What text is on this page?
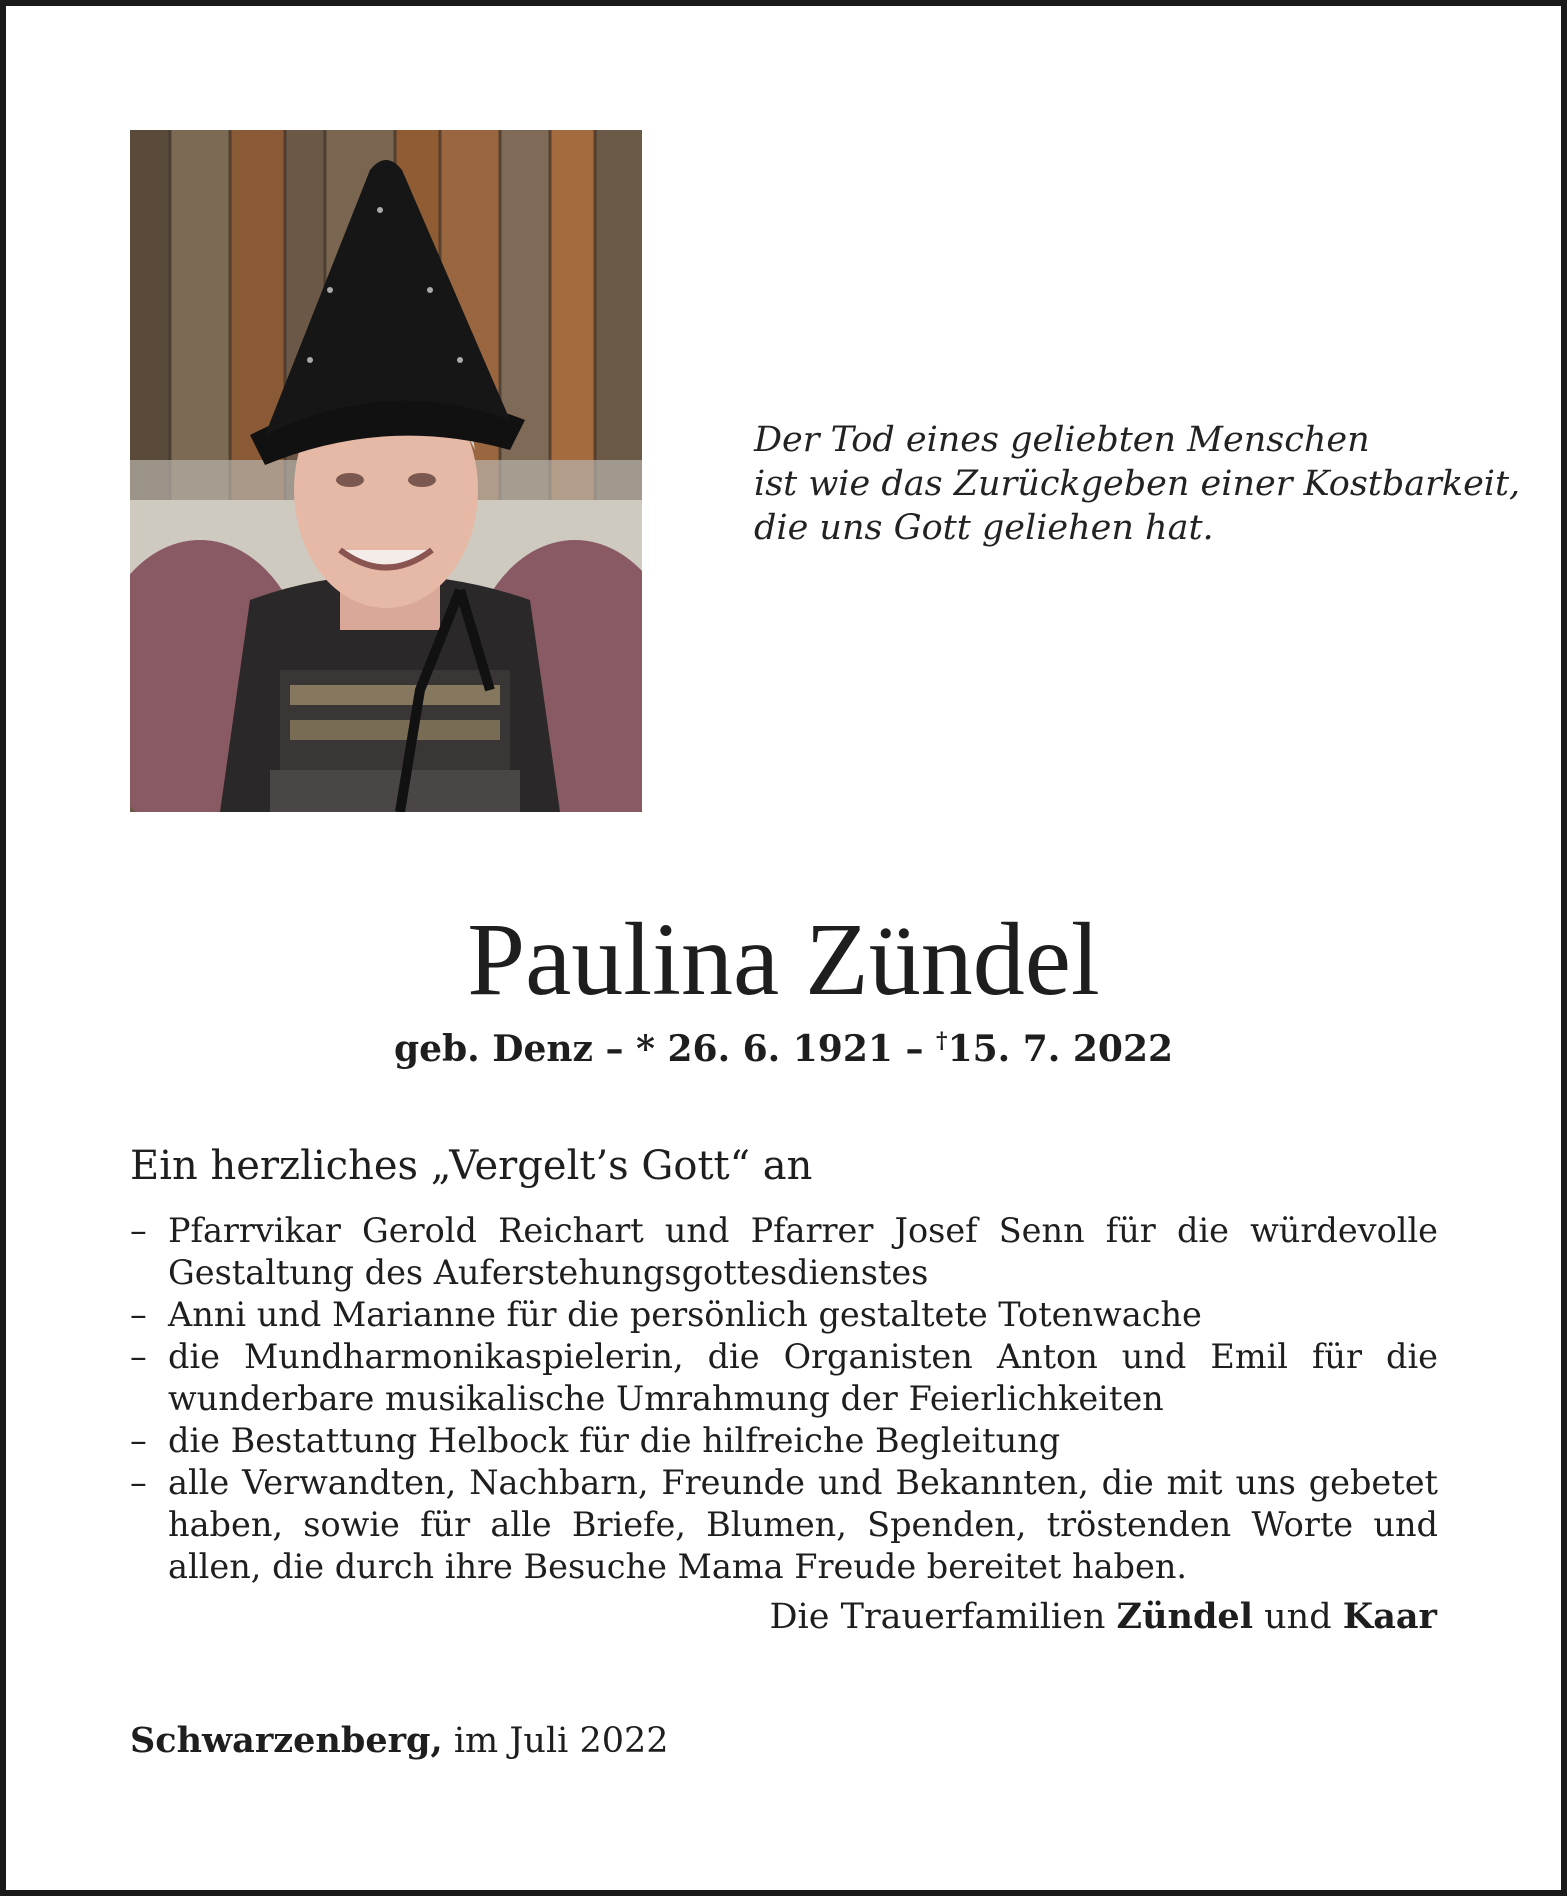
Der Tod eines geliebten Menschen
ist wie das Zurückgeben einer Kostbarkeit,
die uns Gott geliehen hat.
Paulina Zündel
geb. Denz – * 26. 6. 1921 – †15. 7. 2022
Ein herzliches „Vergelt’s Gott“ an
– Pfarrvikar Gerold Reichart und Pfarrer Josef Senn für die würdevolle Gestaltung des Auferstehungsgottesdienstes
– Anni und Marianne für die persönlich gestaltete Totenwache
– die Mundharmonikaspielerin, die Organisten Anton und Emil für die wunderbare musikalische Umrahmung der Feierlichkeiten
– die Bestattung Helbock für die hilfreiche Begleitung
– alle Verwandten, Nachbarn, Freunde und Bekannten, die mit uns gebetet haben, sowie für alle Briefe, Blumen, Spenden, tröstenden Worte und allen, die durch ihre Besuche Mama Freude bereitet haben.
Die Trauerfamilien Zündel und Kaar
Schwarzenberg, im Juli 2022
